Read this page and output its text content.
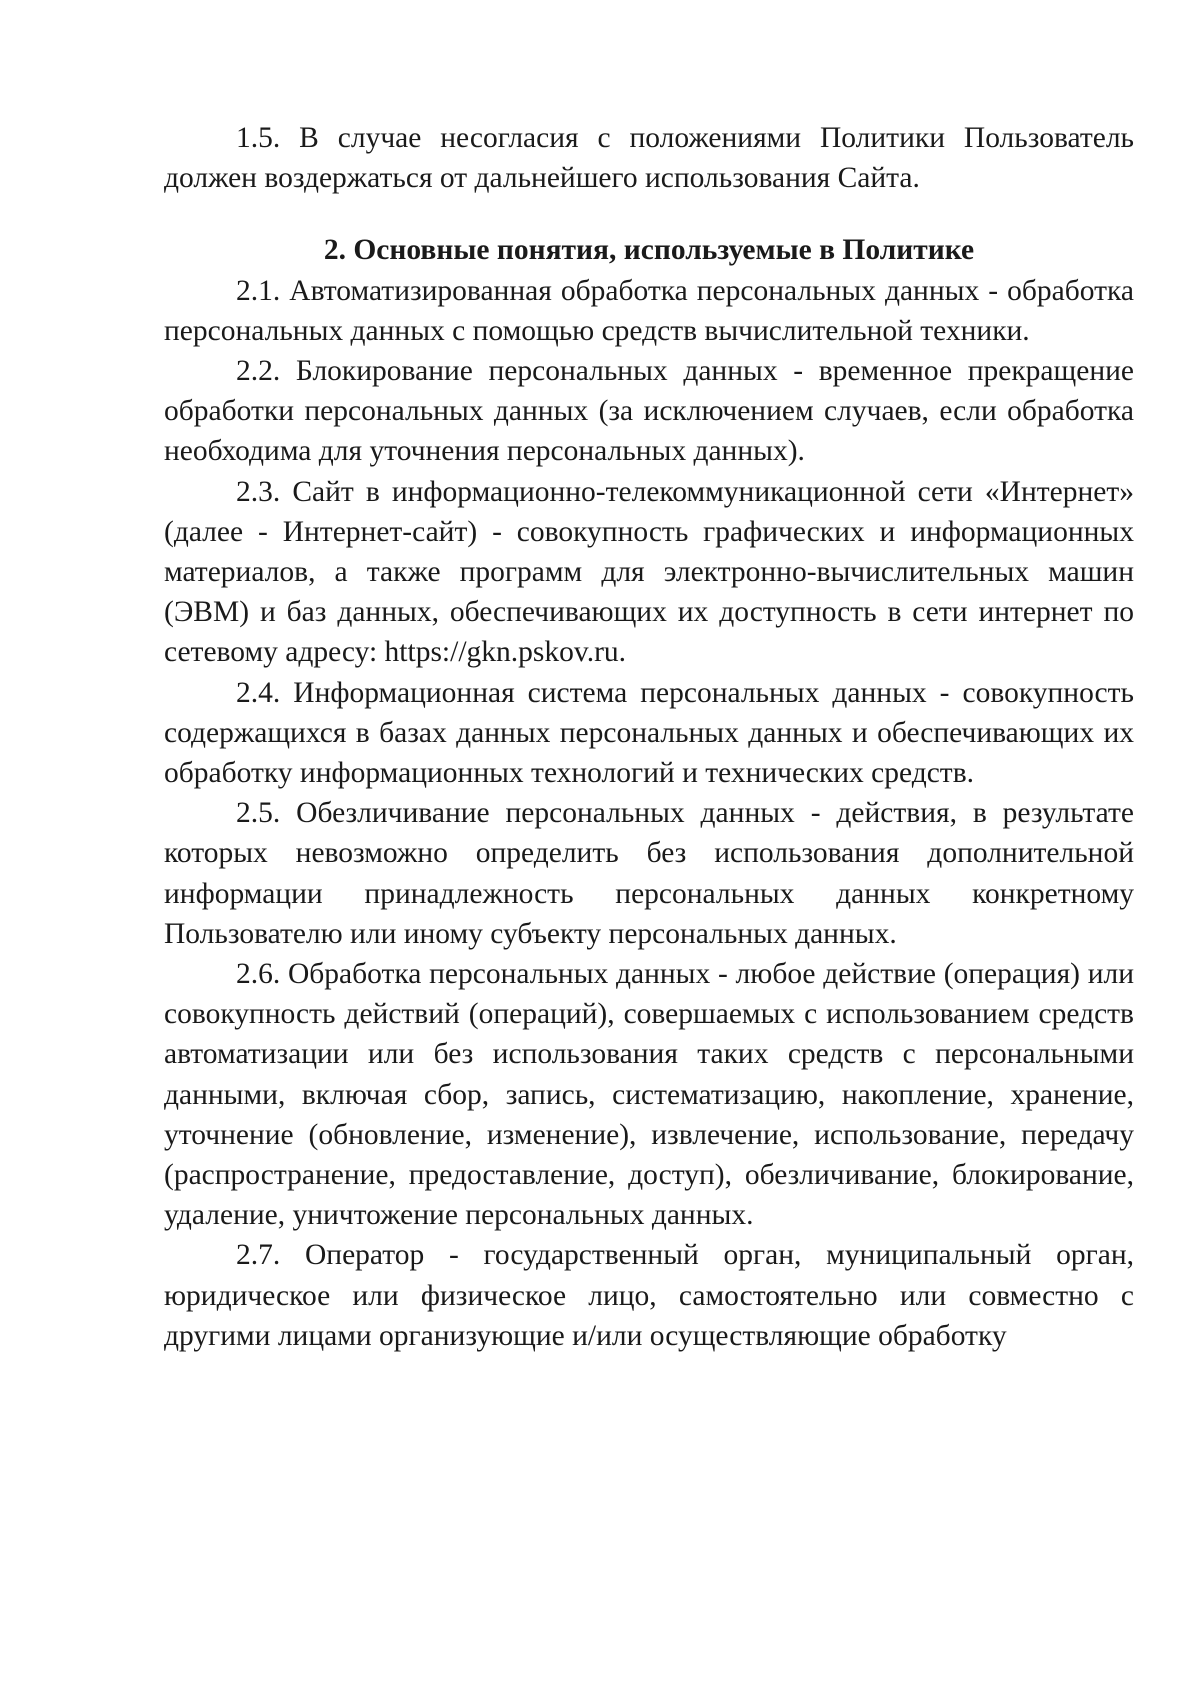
1.5. В случае несогласия с положениями Политики Пользователь должен воздержаться от дальнейшего использования Сайта.

2. Основные понятия, используемые в Политике

2.1. Автоматизированная обработка персональных данных - обработка персональных данных с помощью средств вычислительной техники.

2.2. Блокирование персональных данных - временное прекращение обработки персональных данных (за исключением случаев, если обработка необходима для уточнения персональных данных).

2.3. Сайт в информационно-телекоммуникационной сети «Интернет» (далее - Интернет-сайт) - совокупность графических и информационных материалов, а также программ для электронно-вычислительных машин (ЭВМ) и баз данных, обеспечивающих их доступность в сети интернет по сетевому адресу: https://gkn.pskov.ru.

2.4. Информационная система персональных данных - совокупность содержащихся в базах данных персональных данных и обеспечивающих их обработку информационных технологий и технических средств.

2.5. Обезличивание персональных данных - действия, в результате которых невозможно определить без использования дополнительной информации принадлежность персональных данных конкретному Пользователю или иному субъекту персональных данных.

2.6. Обработка персональных данных - любое действие (операция) или совокупность действий (операций), совершаемых с использованием средств автоматизации или без использования таких средств с персональными данными, включая сбор, запись, систематизацию, накопление, хранение, уточнение (обновление, изменение), извлечение, использование, передачу (распространение, предоставление, доступ), обезличивание, блокирование, удаление, уничтожение персональных данных.

2.7. Оператор - государственный орган, муниципальный орган, юридическое или физическое лицо, самостоятельно или совместно с другими лицами организующие и/или осуществляющие обработку
